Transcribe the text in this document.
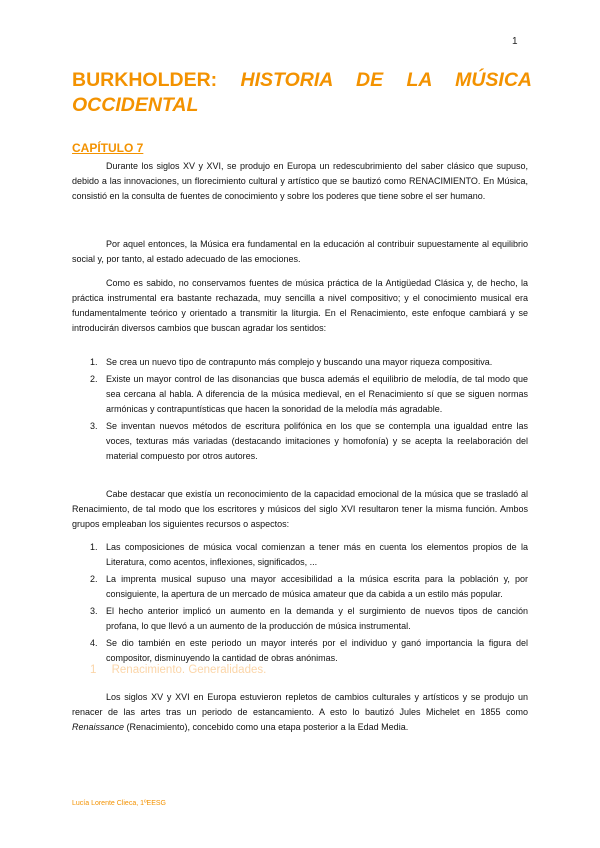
1
BURKHOLDER: HISTORIA DE LA MÚSICA OCCIDENTAL
CAPÍTULO 7

Durante los siglos XV y XVI, se produjo en Europa un redescubrimiento del saber clásico que supuso, debido a las innovaciones, un florecimiento cultural y artístico que se bautizó como RENACIMIENTO. En Música, consistió en la consulta de fuentes de conocimiento y sobre los poderes que tiene sobre el ser humano.

Por aquel entonces, la Música era fundamental en la educación al contribuir supuestamente al equilibrio social y, por tanto, al estado adecuado de las emociones.

Como es sabido, no conservamos fuentes de música práctica de la Antigüedad Clásica y, de hecho, la práctica instrumental era bastante rechazada, muy sencilla a nivel compositivo; y el conocimiento musical era fundamentalmente teórico y orientado a transmitir la liturgia. En el Renacimiento, este enfoque cambiará y se introducirán diversos cambios que buscan agradar los sentidos:

1. Se crea un nuevo tipo de contrapunto más complejo y buscando una mayor riqueza compositiva.
2. Existe un mayor control de las disonancias que busca además el equilibrio de melodía, de tal modo que sea cercana al habla. A diferencia de la música medieval, en el Renacimiento sí que se siguen normas armónicas y contrapuntísticas que hacen la sonoridad de la melodía más agradable.
3. Se inventan nuevos métodos de escritura polifónica en los que se contempla una igualdad entre las voces, texturas más variadas (destacando imitaciones y homofonía) y se acepta la reelaboración del material compuesto por otros autores.

Cabe destacar que existía un reconocimiento de la capacidad emocional de la música que se trasladó al Renacimiento, de tal modo que los escritores y músicos del siglo XVI resultaron tener la misma función. Ambos grupos empleaban los siguientes recursos o aspectos:

1. Las composiciones de música vocal comienzan a tener más en cuenta los elementos propios de la Literatura, como acentos, inflexiones, significados, ...
2. La imprenta musical supuso una mayor accesibilidad a la música escrita para la población y, por consiguiente, la apertura de un mercado de música amateur que da cabida a un estilo más popular.
3. El hecho anterior implicó un aumento en la demanda y el surgimiento de nuevos tipos de canción profana, lo que llevó a un aumento de la producción de música instrumental.
4. Se dio también en este periodo un mayor interés por el individuo y ganó importancia la figura del compositor, disminuyendo la cantidad de obras anónimas.
1 Renacimiento. Generalidades.

Los siglos XV y XVI en Europa estuvieron repletos de cambios culturales y artísticos y se produjo un renacer de las artes tras un periodo de estancamiento. A esto lo bautizó Jules Michelet en 1855 como Renaissance (Renacimiento), concebido como una etapa posterior a la Edad Media.

Lucía Lorente Clieca, 1ºEESG
